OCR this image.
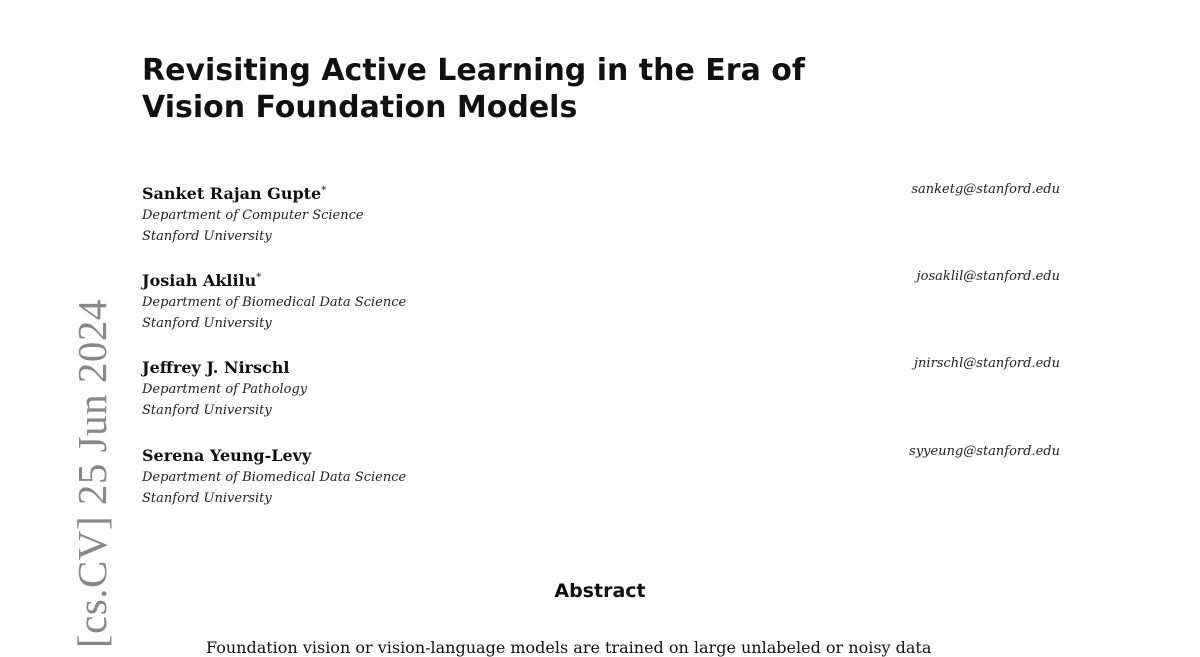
[cs.CV] 25 Jun 2024
Revisiting Active Learning in the Era of
Vision Foundation Models
Sanket Rajan Gupte*
Department of Computer Science
Stanford University
sanketg@stanford.edu
Josiah Aklilu*
Department of Biomedical Data Science
Stanford University
josaklil@stanford.edu
Jeffrey J. Nirschl
Department of Pathology
Stanford University
jnirschl@stanford.edu
Serena Yeung-Levy
Department of Biomedical Data Science
Stanford University
syyeung@stanford.edu
Abstract
Foundation vision or vision-language models are trained on large unlabeled or noisy data
